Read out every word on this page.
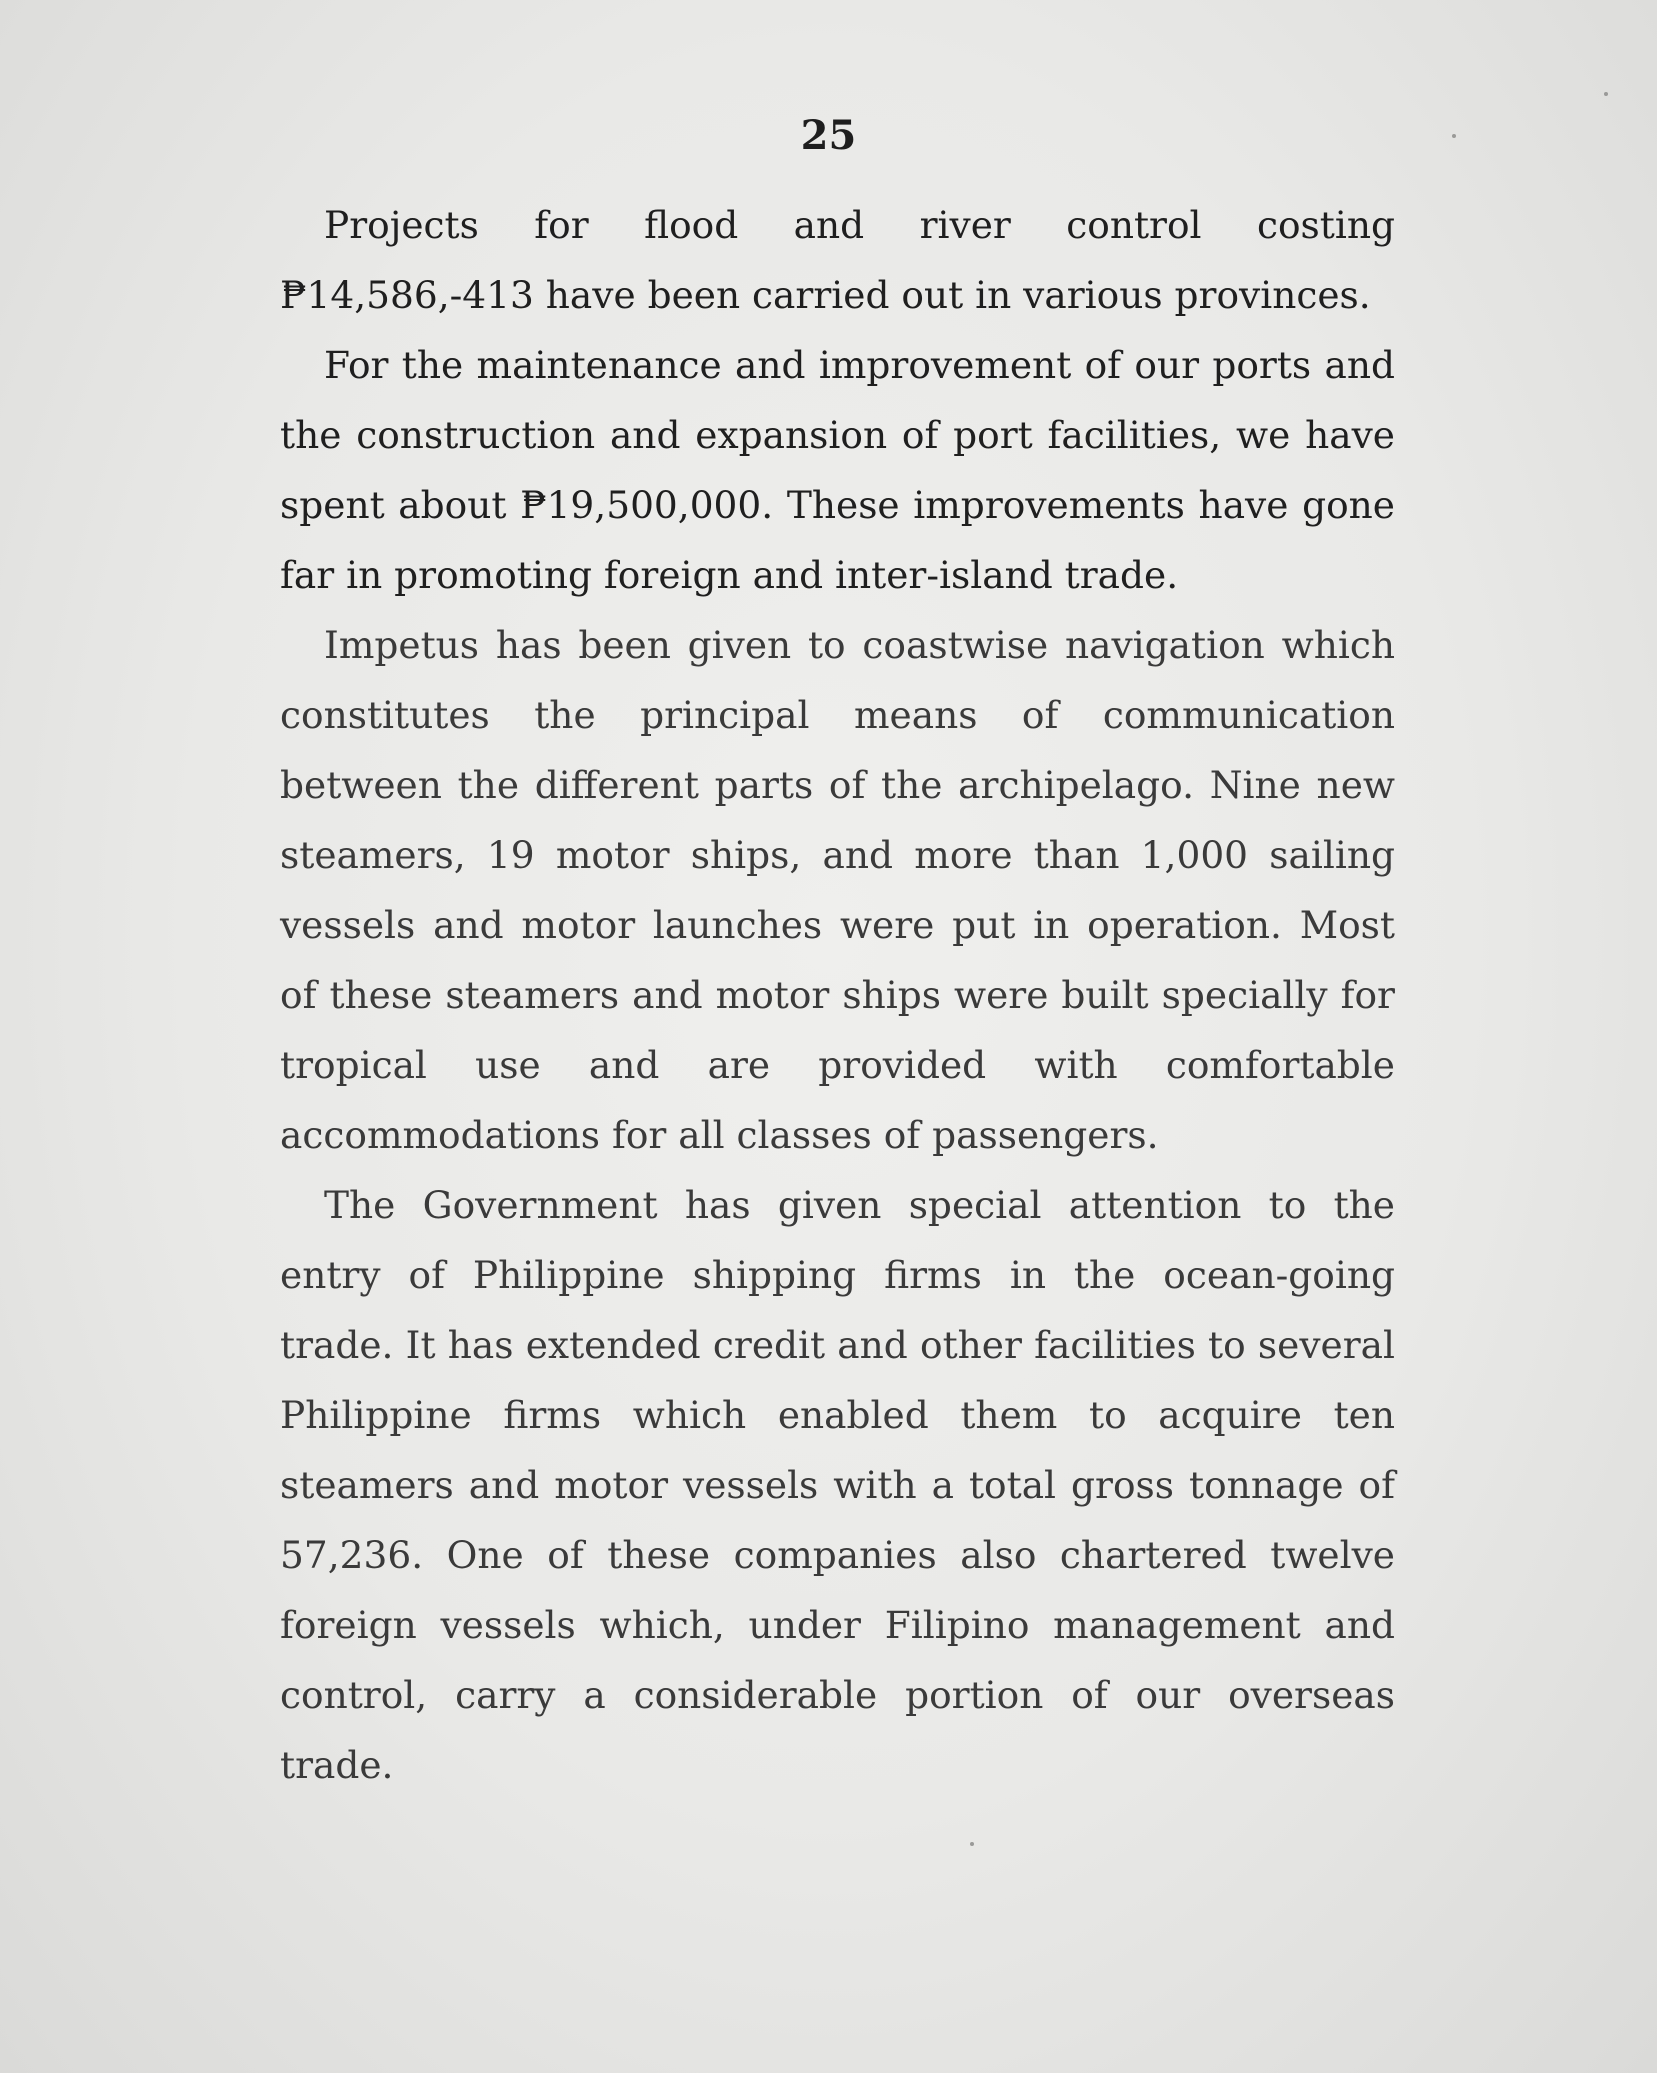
25

Projects for flood and river control costing ₱14,586,-413 have been carried out in various provinces.

For the maintenance and improvement of our ports and the construction and expansion of port facilities, we have spent about ₱19,500,000. These improvements have gone far in promoting foreign and inter-island trade.

Impetus has been given to coastwise navigation which constitutes the principal means of communication between the different parts of the archipelago. Nine new steamers, 19 motor ships, and more than 1,000 sailing vessels and motor launches were put in operation. Most of these steamers and motor ships were built specially for tropical use and are provided with comfortable accommodations for all classes of passengers.

The Government has given special attention to the entry of Philippine shipping firms in the ocean-going trade. It has extended credit and other facilities to several Philippine firms which enabled them to acquire ten steamers and motor vessels with a total gross tonnage of 57,236. One of these companies also chartered twelve foreign vessels which, under Filipino management and control, carry a considerable portion of our overseas trade.
